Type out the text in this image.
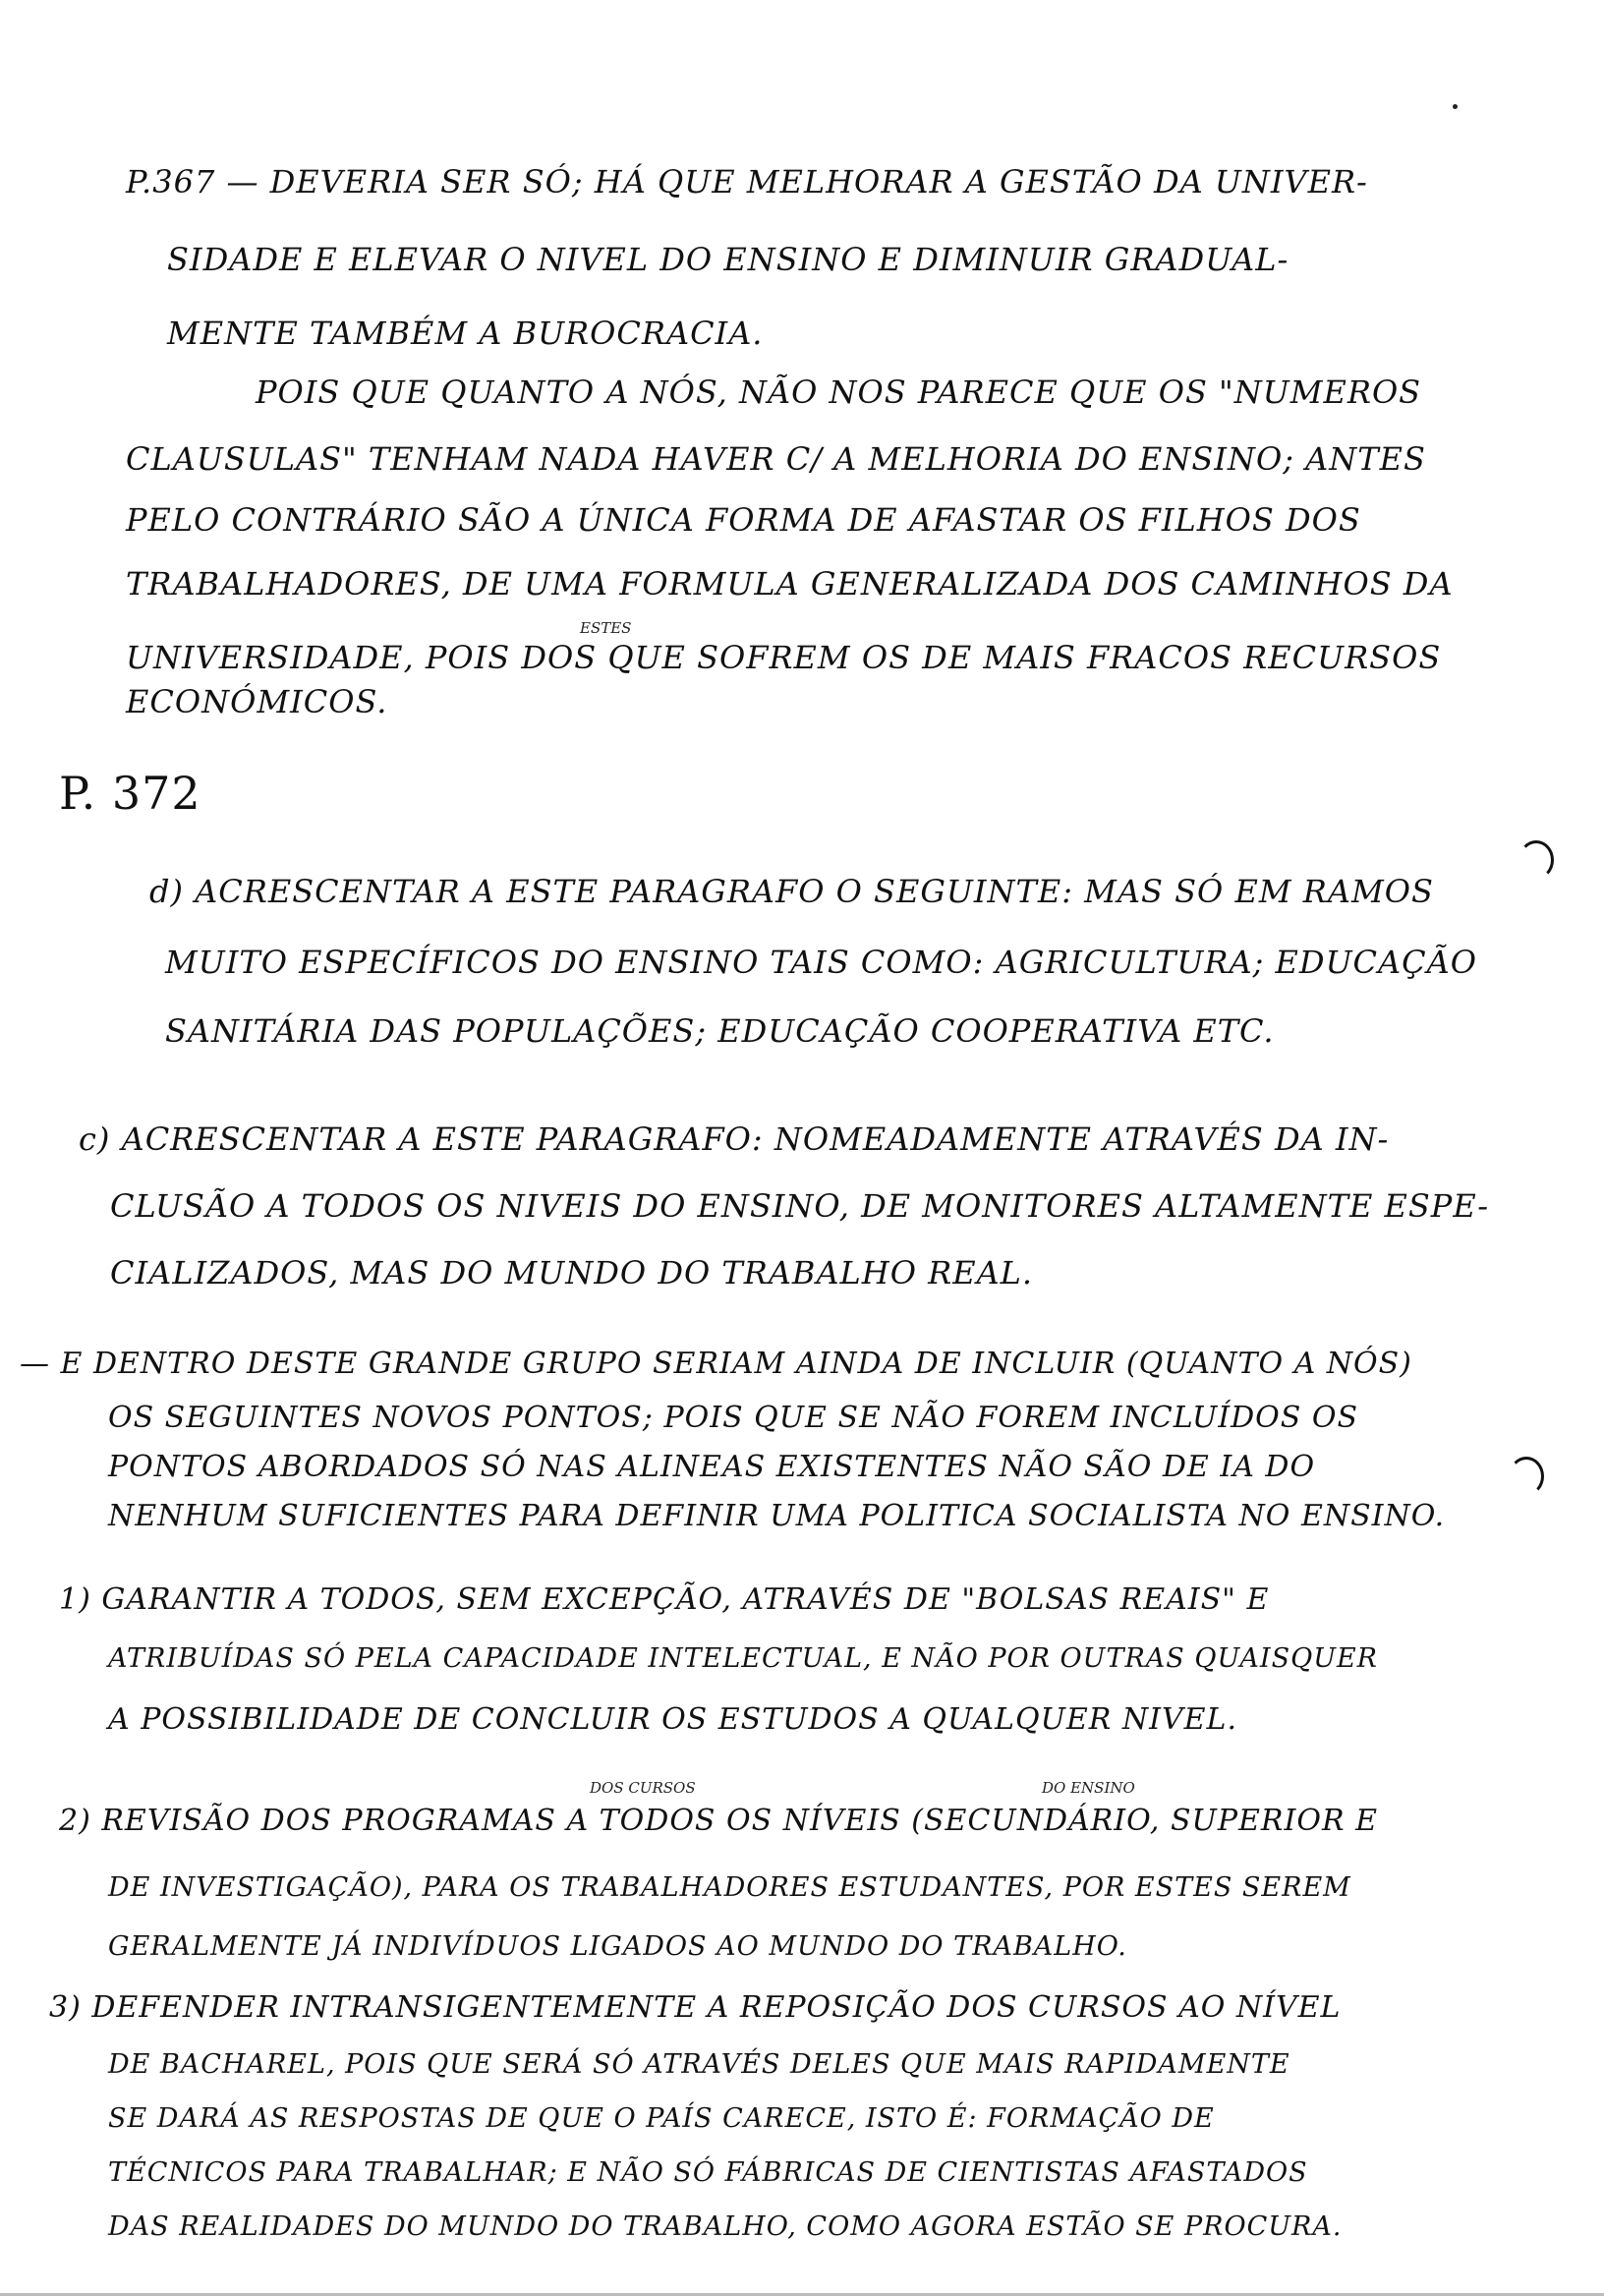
P.367 — DEVERIA SER SÓ; HÁ QUE MELHORAR A GESTÃO DA UNIVER-
SIDADE E ELEVAR O NIVEL DO ENSINO E DIMINUIR GRADUAL-
MENTE TAMBÉM A BUROCRACIA.
POIS QUE QUANTO A NÓS, NÃO NOS PARECE QUE OS "NUMEROS
CLAUSULAS" TENHAM NADA HAVER C/ A MELHORIA DO ENSINO; ANTES
PELO CONTRÁRIO SÃO A ÚNICA FORMA DE AFASTAR OS FILHOS DOS
TRABALHADORES, DE UMA FORMULA GENERALIZADA DOS CAMINHOS DA
ESTES
UNIVERSIDADE, POIS DOS QUE SOFREM OS DE MAIS FRACOS RECURSOS
ECONÓMICOS.
P. 372
d) ACRESCENTAR A ESTE PARAGRAFO O SEGUINTE: MAS SÓ EM RAMOS
MUITO ESPECÍFICOS DO ENSINO TAIS COMO: AGRICULTURA; EDUCAÇÃO
SANITÁRIA DAS POPULAÇÕES; EDUCAÇÃO COOPERATIVA ETC.
c) ACRESCENTAR A ESTE PARAGRAFO: NOMEADAMENTE ATRAVÉS DA IN-
CLUSÃO A TODOS OS NIVEIS DO ENSINO, DE MONITORES ALTAMENTE ESPE-
CIALIZADOS, MAS DO MUNDO DO TRABALHO REAL.
— E DENTRO DESTE GRANDE GRUPO SERIAM AINDA DE INCLUIR (QUANTO A NÓS)
OS SEGUINTES NOVOS PONTOS; POIS QUE SE NÃO FOREM INCLUÍDOS OS
PONTOS ABORDADOS SÓ NAS ALINEAS EXISTENTES NÃO SÃO DE IA DO
NENHUM SUFICIENTES PARA DEFINIR UMA POLITICA SOCIALISTA NO ENSINO.
1) GARANTIR A TODOS, SEM EXCEPÇÃO, ATRAVÉS DE "BOLSAS REAIS" E
ATRIBUÍDAS SÓ PELA CAPACIDADE INTELECTUAL, E NÃO POR OUTRAS QUAISQUER
A POSSIBILIDADE DE CONCLUIR OS ESTUDOS A QUALQUER NIVEL.
DOS CURSOS	DO ENSINO
2) REVISÃO DOS PROGRAMAS A TODOS OS NÍVEIS (SECUNDÁRIO, SUPERIOR E
DE INVESTIGAÇÃO), PARA OS TRABALHADORES ESTUDANTES, POR ESTES SEREM
GERALMENTE JÁ INDIVÍDUOS LIGADOS AO MUNDO DO TRABALHO.
3) DEFENDER INTRANSIGENTEMENTE A REPOSIÇÃO DOS CURSOS AO NÍVEL
DE BACHAREL, POIS QUE SERÁ SÓ ATRAVÉS DELES QUE MAIS RAPIDAMENTE
SE DARÁ AS RESPOSTAS DE QUE O PAÍS CARECE, ISTO É: FORMAÇÃO DE
TÉCNICOS PARA TRABALHAR; E NÃO SÓ FÁBRICAS DE CIENTISTAS AFASTADOS
DAS REALIDADES DO MUNDO DO TRABALHO, COMO AGORA ESTÃO SE PROCURA.
